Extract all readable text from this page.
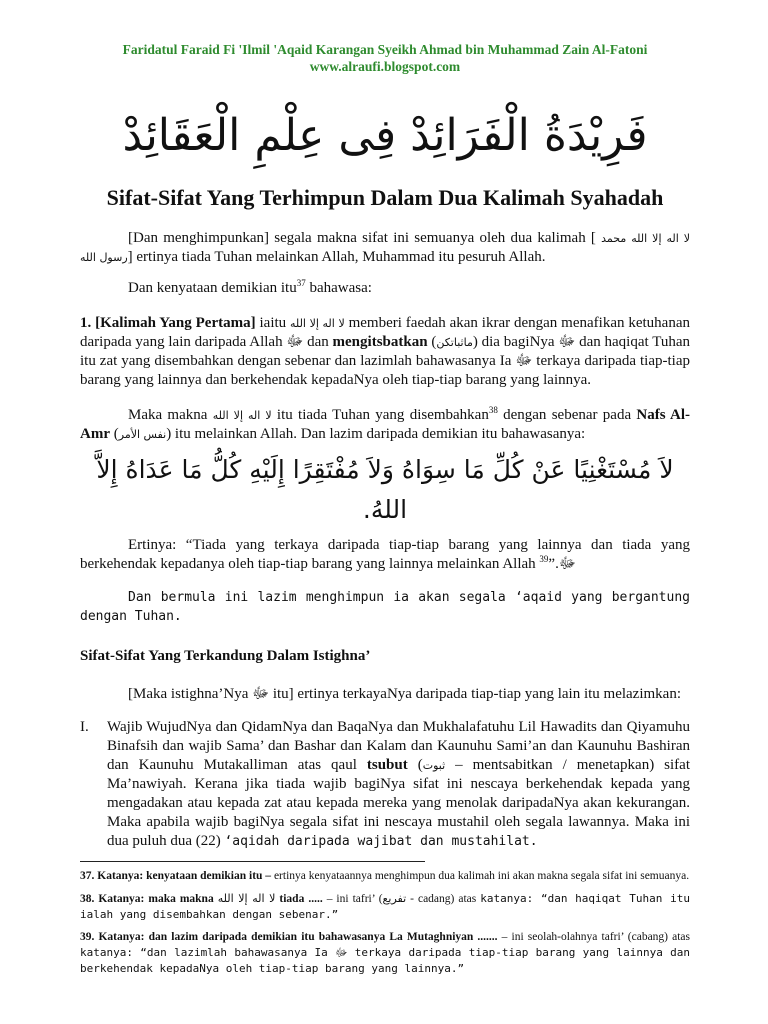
Faridatul Faraid Fi 'Ilmil 'Aqaid Karangan Syeikh Ahmad bin Muhammad Zain Al-Fatoni
www.alraufi.blogspot.com
فَرِيْدَةُ الْفَرَائِدْ فِى عِلْمِ الْعَقَائِدْ
Sifat-Sifat Yang Terhimpun Dalam Dua Kalimah Syahadah

[Dan menghimpunkan] segala makna sifat ini semuanya oleh dua kalimah [ لا اله إلا الله محمد رسول الله] ertinya tiada Tuhan melainkan Allah, Muhammad itu pesuruh Allah.

Dan kenyataan demikian itu$^{37}$ bahawasa:

1. [Kalimah Yang Pertama] iaitu لا اله إلا الله memberi faedah akan ikrar dengan menafikan ketuhanan daripada yang lain daripada Allah ﷻ dan mengitsbatkan (ماثباتكن) dia bagiNya ﷻ dan haqiqat Tuhan itu zat yang disembahkan dengan sebenar dan lazimlah bahawasanya Ia ﷻ terkaya daripada tiap-tiap barang yang lainnya dan berkehendak kepadaNya oleh tiap-tiap barang yang lainnya.

Maka makna لا اله إلا الله itu tiada Tuhan yang disembahkan$^{38}$ dengan sebenar pada Nafs Al-Amr (نفس الأمر) itu melainkan Allah. Dan lazim daripada demikian itu bahawasanya:

لاَ مُسْتَغْنِيًا عَنْ كُلِّ مَا سِوَاهُ وَلاَ مُفْتَقِرًا إِلَيْهِ كُلُّ مَا عَدَاهُ إِلاَّ اللهُ.

Ertinya: “Tiada yang terkaya daripada tiap-tiap barang yang lainnya dan tiada yang berkehendak kepadanya oleh tiap-tiap barang yang lainnya melainkan Allah ﷻ.”$^{39}$

Dan bermula ini lazim menghimpun ia akan segala ‘aqaid yang bergantung dengan Tuhan.

Sifat-Sifat Yang Terkandung Dalam Istighna’

[Maka istighna’Nya ﷻ itu] ertinya terkayaNya daripada tiap-tiap yang lain itu melazimkan:

I.	Wajib WujudNya dan QidamNya dan BaqaNya dan Mukhalafatuhu Lil Hawadits dan Qiyamuhu Binafsih dan wajib Sama’ dan Bashar dan Kalam dan Kaunuhu Sami’an dan Kaunuhu Bashiran dan Kaunuhu Mutakalliman atas qaul tsubut (ثبوت – mentsabitkan / menetapkan) sifat Ma’nawiyah. Kerana jika tiada wajib bagiNya sifat ini nescaya berkehendak kepada yang mengadakan atau kepada zat atau kepada mereka yang menolak daripadaNya akan kekurangan. Maka apabila wajib bagiNya segala sifat ini nescaya mustahil oleh segala lawannya. Maka ini dua puluh dua (22) ‘aqidah daripada wajibat dan mustahilat.
37. Katanya: kenyataan demikian itu – ertinya kenyataannya menghimpun dua kalimah ini akan makna segala sifat ini semuanya.
38. Katanya: maka makna لا اله إلا الله tiada ..... – ini tafri’ (تفريع - cadang) atas katanya: “dan haqiqat Tuhan itu ialah yang disembahkan dengan sebenar.”
39. Katanya: dan lazim daripada demikian itu bahawasanya La Mutaghniyan ....... – ini seolah-olahnya tafri’ (cabang) atas katanya: “dan lazimlah bahawasanya Ia ﷻ terkaya daripada tiap-tiap barang yang lainnya dan berkehendak kepadaNya oleh tiap-tiap barang yang lainnya.”
